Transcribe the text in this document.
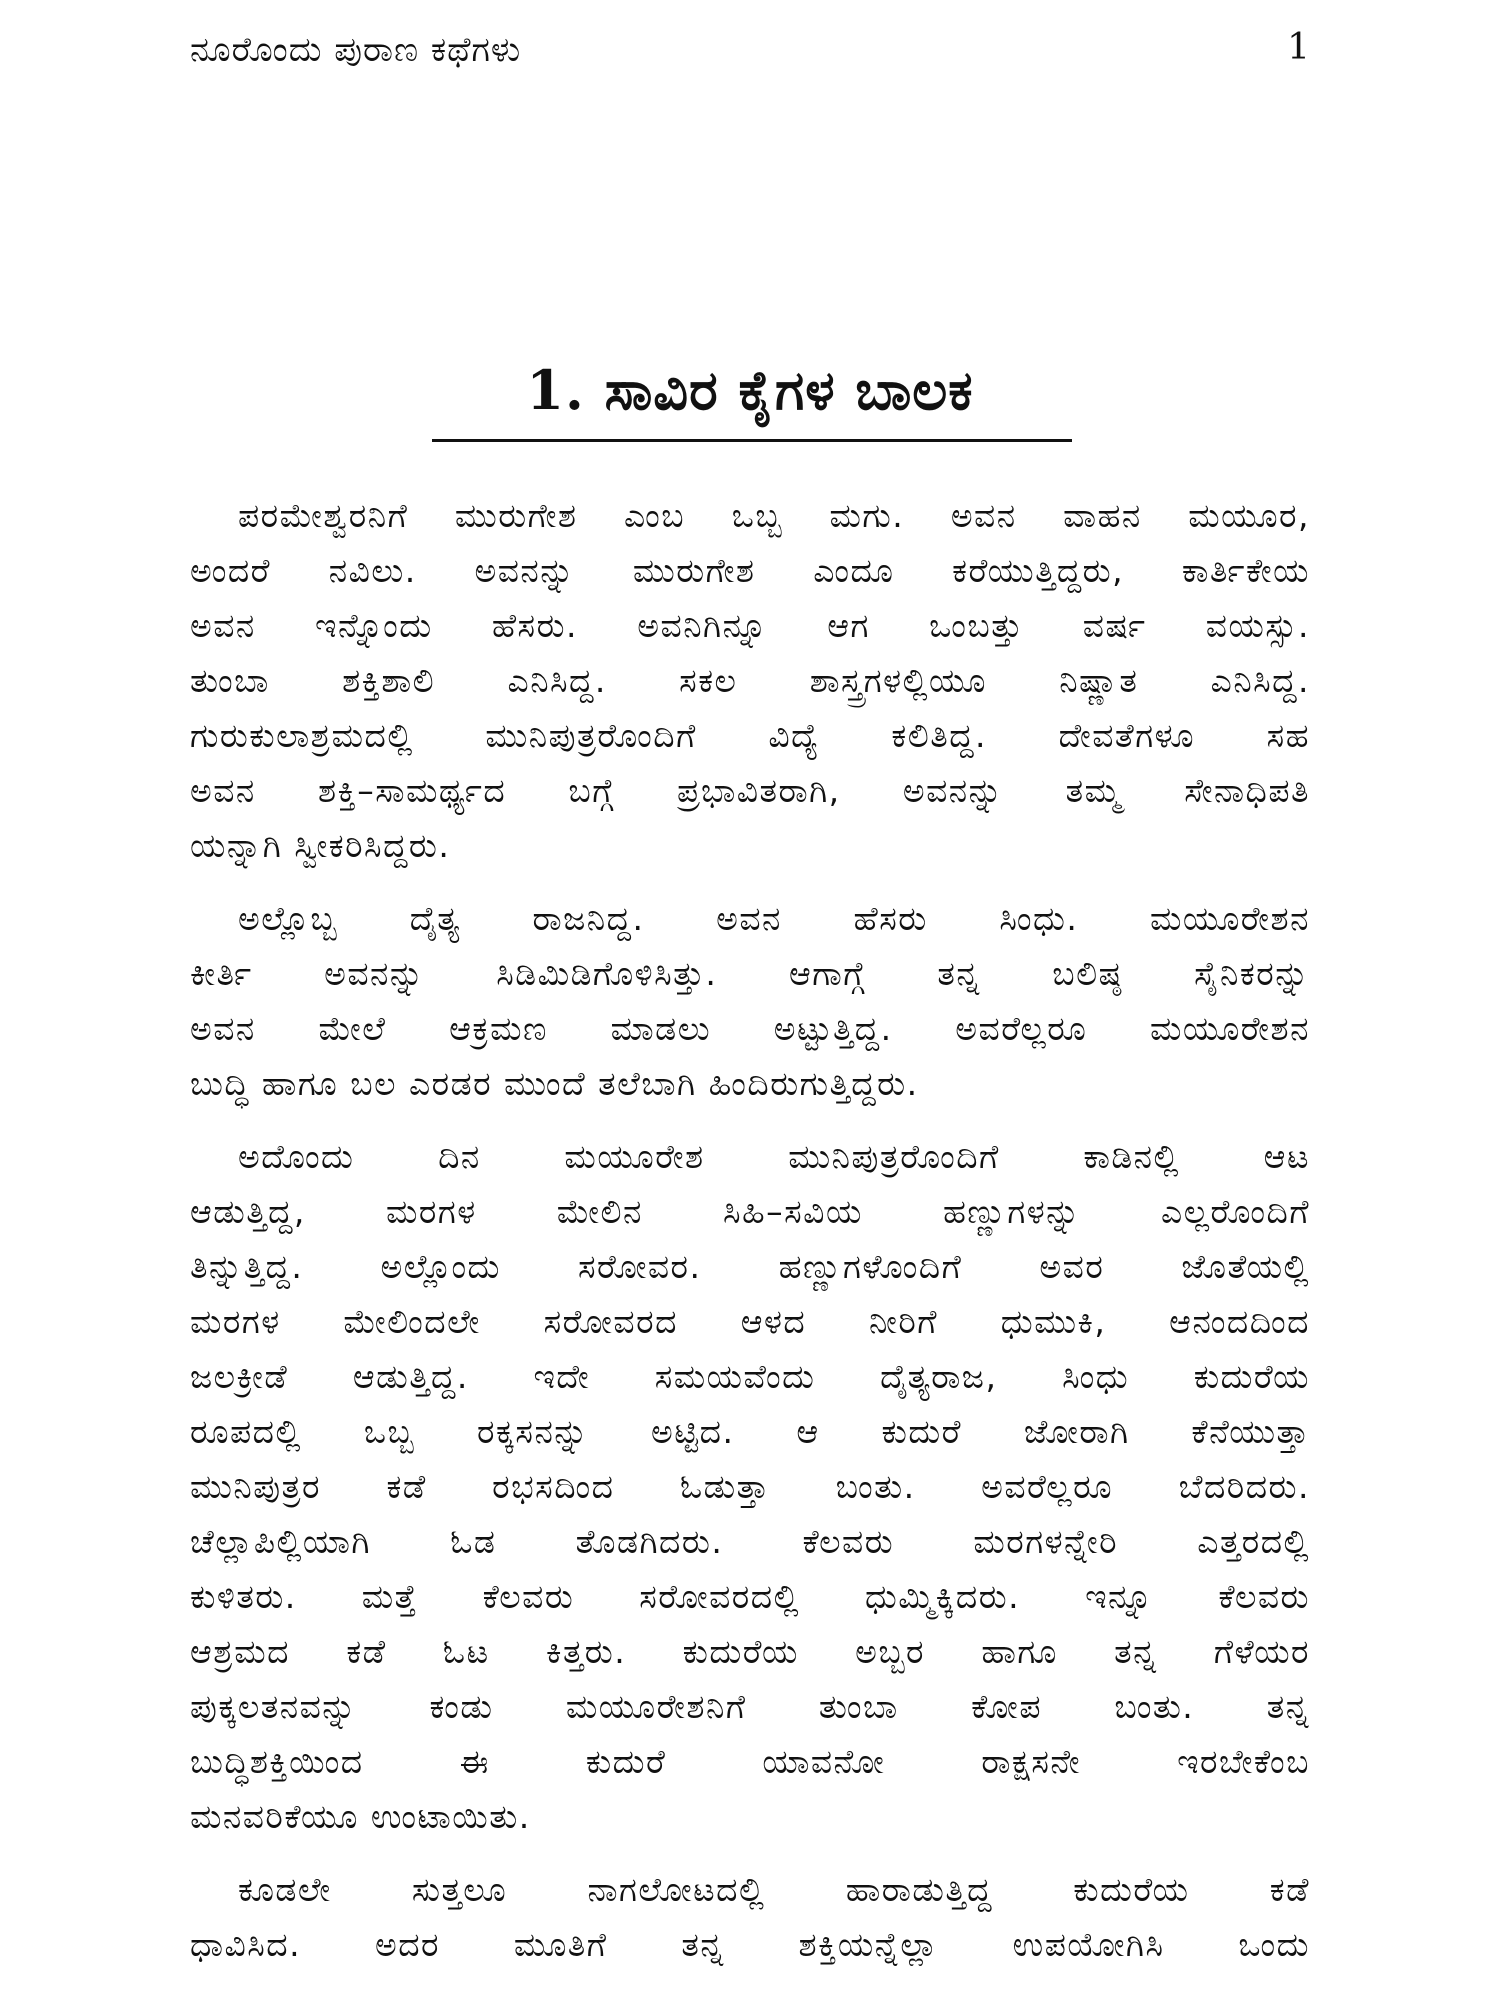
ನೂರೊಂದು ಪುರಾಣ ಕಥೆಗಳು	1
1. ಸಾವಿರ ಕೈಗಳ ಬಾಲಕ
ಪರಮೇಶ್ವರನಿಗೆ ಮುರುಗೇಶ ಎಂಬ ಒಬ್ಬ ಮಗು. ಅವನ ವಾಹನ ಮಯೂರ,
ಅಂದರೆ ನವಿಲು. ಅವನನ್ನು ಮುರುಗೇಶ ಎಂದೂ ಕರೆಯುತ್ತಿದ್ದರು, ಕಾರ್ತಿಕೇಯ
ಅವನ ಇನ್ನೊಂದು ಹೆಸರು. ಅವನಿಗಿನ್ನೂ ಆಗ ಒಂಬತ್ತು ವರ್ಷ ವಯಸ್ಸು.
ತುಂಬಾ ಶಕ್ತಿಶಾಲಿ ಎನಿಸಿದ್ದ. ಸಕಲ ಶಾಸ್ತ್ರಗಳಲ್ಲಿಯೂ ನಿಷ್ಣಾತ ಎನಿಸಿದ್ದ.
ಗುರುಕುಲಾಶ್ರಮದಲ್ಲಿ ಮುನಿಪುತ್ರರೊಂದಿಗೆ ವಿದ್ಯೆ ಕಲಿತಿದ್ದ. ದೇವತೆಗಳೂ ಸಹ
ಅವನ ಶಕ್ತಿ–ಸಾಮರ್ಥ್ಯದ ಬಗ್ಗೆ ಪ್ರಭಾವಿತರಾಗಿ, ಅವನನ್ನು ತಮ್ಮ ಸೇನಾಧಿಪತಿ
ಯನ್ನಾಗಿ ಸ್ವೀಕರಿಸಿದ್ದರು.
ಅಲ್ಲೊಬ್ಬ ದೈತ್ಯ ರಾಜನಿದ್ದ. ಅವನ ಹೆಸರು ಸಿಂಧು. ಮಯೂರೇಶನ
ಕೀರ್ತಿ ಅವನನ್ನು ಸಿಡಿಮಿಡಿಗೊಳಿಸಿತ್ತು. ಆಗಾಗ್ಗೆ ತನ್ನ ಬಲಿಷ್ಠ ಸೈನಿಕರನ್ನು
ಅವನ ಮೇಲೆ ಆಕ್ರಮಣ ಮಾಡಲು ಅಟ್ಟುತ್ತಿದ್ದ. ಅವರೆಲ್ಲರೂ ಮಯೂರೇಶನ
ಬುದ್ಧಿ ಹಾಗೂ ಬಲ ಎರಡರ ಮುಂದೆ ತಲೆಬಾಗಿ ಹಿಂದಿರುಗುತ್ತಿದ್ದರು.
ಅದೊಂದು ದಿನ ಮಯೂರೇಶ ಮುನಿಪುತ್ರರೊಂದಿಗೆ ಕಾಡಿನಲ್ಲಿ ಆಟ
ಆಡುತ್ತಿದ್ದ, ಮರಗಳ ಮೇಲಿನ ಸಿಹಿ–ಸವಿಯ ಹಣ್ಣುಗಳನ್ನು ಎಲ್ಲರೊಂದಿಗೆ
ತಿನ್ನುತ್ತಿದ್ದ. ಅಲ್ಲೊಂದು ಸರೋವರ. ಹಣ್ಣುಗಳೊಂದಿಗೆ ಅವರ ಜೊತೆಯಲ್ಲಿ
ಮರಗಳ ಮೇಲಿಂದಲೇ ಸರೋವರದ ಆಳದ ನೀರಿಗೆ ಧುಮುಕಿ, ಆನಂದದಿಂದ
ಜಲಕ್ರೀಡೆ ಆಡುತ್ತಿದ್ದ. ಇದೇ ಸಮಯವೆಂದು ದೈತ್ಯರಾಜ, ಸಿಂಧು ಕುದುರೆಯ
ರೂಪದಲ್ಲಿ ಒಬ್ಬ ರಕ್ಕಸನನ್ನು ಅಟ್ಟಿದ. ಆ ಕುದುರೆ ಜೋರಾಗಿ ಕೆನೆಯುತ್ತಾ
ಮುನಿಪುತ್ರರ ಕಡೆ ರಭಸದಿಂದ ಓಡುತ್ತಾ ಬಂತು. ಅವರೆಲ್ಲರೂ ಬೆದರಿದರು.
ಚೆಲ್ಲಾಪಿಲ್ಲಿಯಾಗಿ ಓಡ ತೊಡಗಿದರು. ಕೆಲವರು ಮರಗಳನ್ನೇರಿ ಎತ್ತರದಲ್ಲಿ
ಕುಳಿತರು. ಮತ್ತೆ ಕೆಲವರು ಸರೋವರದಲ್ಲಿ ಧುಮ್ಮಿಕ್ಕಿದರು. ಇನ್ನೂ ಕೆಲವರು
ಆಶ್ರಮದ ಕಡೆ ಓಟ ಕಿತ್ತರು. ಕುದುರೆಯ ಅಬ್ಬರ ಹಾಗೂ ತನ್ನ ಗೆಳೆಯರ
ಪುಕ್ಕಲತನವನ್ನು ಕಂಡು ಮಯೂರೇಶನಿಗೆ ತುಂಬಾ ಕೋಪ ಬಂತು. ತನ್ನ
ಬುದ್ಧಿಶಕ್ತಿಯಿಂದ ಈ ಕುದುರೆ ಯಾವನೋ ರಾಕ್ಷಸನೇ ಇರಬೇಕೆಂಬ
ಮನವರಿಕೆಯೂ ಉಂಟಾಯಿತು.
ಕೂಡಲೇ ಸುತ್ತಲೂ ನಾಗಲೋಟದಲ್ಲಿ ಹಾರಾಡುತ್ತಿದ್ದ ಕುದುರೆಯ ಕಡೆ
ಧಾವಿಸಿದ. ಅದರ ಮೂತಿಗೆ ತನ್ನ ಶಕ್ತಿಯನ್ನೆಲ್ಲಾ ಉಪಯೋಗಿಸಿ ಒಂದು
